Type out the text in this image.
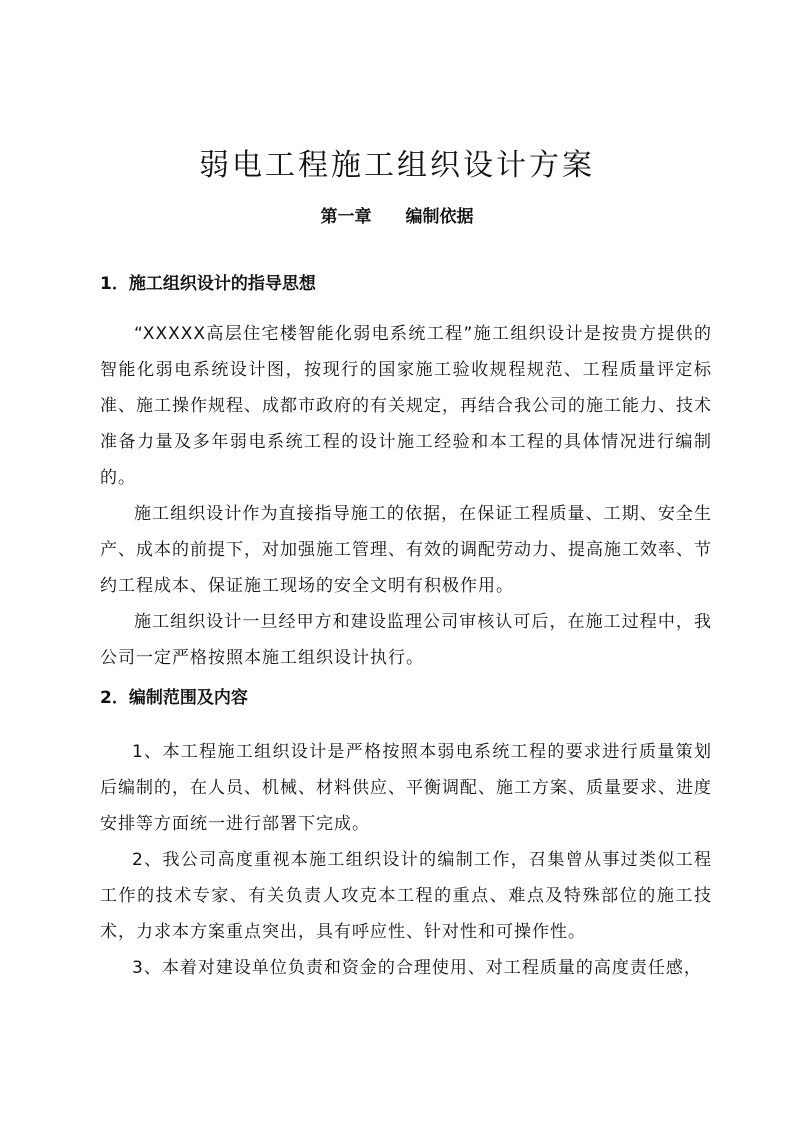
弱电工程施工组织设计方案
第一章 编制依据
1．施工组织设计的指导思想

“XXXXX高层住宅楼智能化弱电系统工程”施工组织设计是按贵方提供的智能化弱电系统设计图，按现行的国家施工验收规程规范、工程质量评定标准、施工操作规程、成都市政府的有关规定，再结合我公司的施工能力、技术准备力量及多年弱电系统工程的设计施工经验和本工程的具体情况进行编制的。

施工组织设计作为直接指导施工的依据，在保证工程质量、工期、安全生产、成本的前提下，对加强施工管理、有效的调配劳动力、提高施工效率、节约工程成本、保证施工现场的安全文明有积极作用。

施工组织设计一旦经甲方和建设监理公司审核认可后，在施工过程中，我公司一定严格按照本施工组织设计执行。

2．编制范围及内容

1、本工程施工组织设计是严格按照本弱电系统工程的要求进行质量策划后编制的，在人员、机械、材料供应、平衡调配、施工方案、质量要求、进度安排等方面统一进行部署下完成。

2、我公司高度重视本施工组织设计的编制工作，召集曾从事过类似工程工作的技术专家、有关负责人攻克本工程的重点、难点及特殊部位的施工技术，力求本方案重点突出，具有呼应性、针对性和可操作性。

3、本着对建设单位负责和资金的合理使用、对工程质量的高度责任感，
